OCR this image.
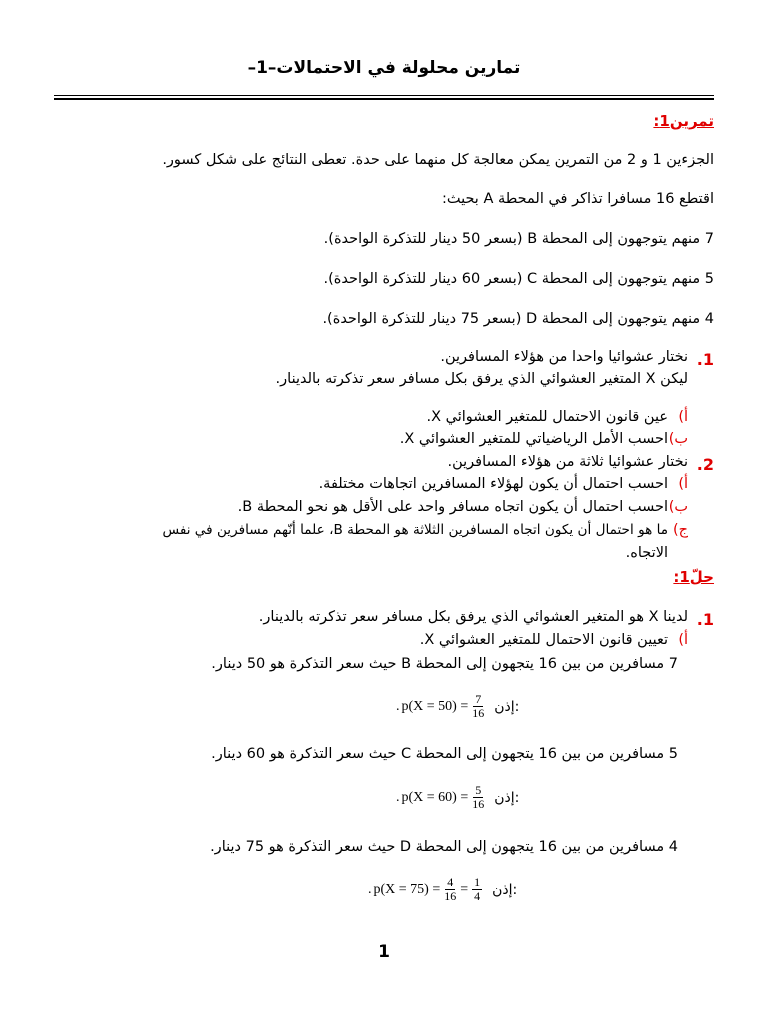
تمارين محلولة في الاحتمالات–1–
تمرين1:
الجزءين 1 و 2 من التمرين يمكن معالجة كل منهما على حدة. تعطى النتائج على شكل كسور.
اقتطع 16 مسافرا تذاكر في المحطة A بحيث:
7 منهم يتوجهون إلى المحطة B (بسعر 50 دينار للتذكرة الواحدة).
5 منهم يتوجهون إلى المحطة C (بسعر 60 دينار للتذكرة الواحدة).
4 منهم يتوجهون إلى المحطة D (بسعر 75 دينار للتذكرة الواحدة).
.1
نختار عشوائيا واحدا من هؤلاء المسافرين.
ليكن X المتغير العشوائي الذي يرفق بكل مسافر سعر تذكرته بالدينار.
أ)
عين قانون الاحتمال للمتغير العشوائي X.
ب)
احسب الأمل الرياضياتي للمتغير العشوائي X.
.2
نختار عشوائيا ثلاثة من هؤلاء المسافرين.
أ)
احسب احتمال أن يكون لهؤلاء المسافرين اتجاهات مختلفة.
ب)
احسب احتمال أن يكون اتجاه مسافر واحد على الأقل هو نحو المحطة B.
ج)
ما هو احتمال أن يكون اتجاه المسافرين الثلاثة هو المحطة B، علما أنّهم مسافرين في نفس
الاتجاه.
حلّ1:
.1
لدينا X هو المتغير العشوائي الذي يرفق بكل مسافر سعر تذكرته بالدينار.
أ)
تعيين قانون الاحتمال للمتغير العشوائي X.
7 مسافرين من بين 16 يتجهون إلى المحطة B حيث سعر التذكرة هو 50 دينار.
. $p(X = 50) = \frac{7}{16}$ إذن:
5 مسافرين من بين 16 يتجهون إلى المحطة C حيث سعر التذكرة هو 60 دينار.
. $p(X = 60) = \frac{5}{16}$ إذن:
4 مسافرين من بين 16 يتجهون إلى المحطة D حيث سعر التذكرة هو 75 دينار.
. $p(X = 75) = \frac{4}{16} = \frac{1}{4}$ إذن:
1
